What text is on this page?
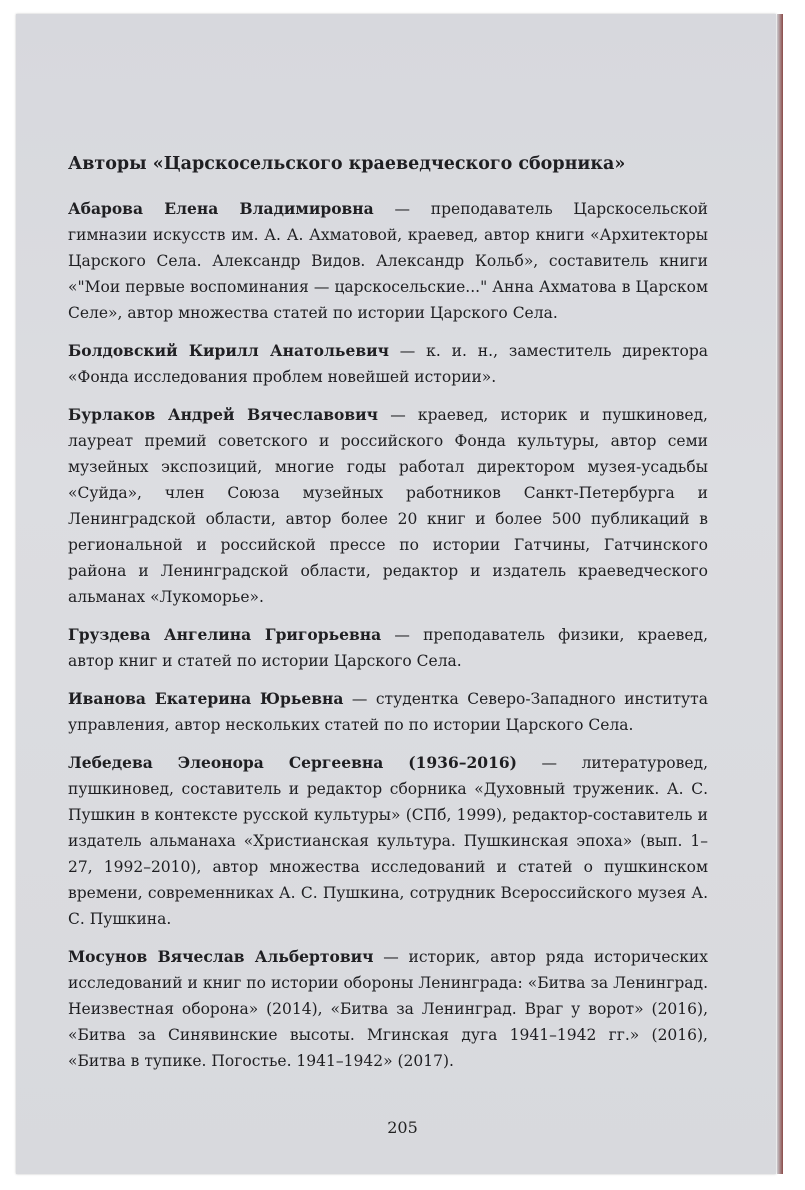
Авторы «Царскосельского краеведческого сборника»
Абарова Елена Владимировна — преподаватель Царскосельской гимназии искусств им. А. А. Ахматовой, краевед, автор книги «Архитекторы Царского Села. Александр Видов. Александр Кольб», составитель книги «"Мои первые воспоминания — царскосельские..." Анна Ахматова в Царском Селе», автор множества статей по истории Царского Села.
Болдовский Кирилл Анатольевич — к. и. н., заместитель директора «Фонда исследования проблем новейшей истории».
Бурлаков Андрей Вячеславович — краевед, историк и пушкиновед, лауреат премий советского и российского Фонда культуры, автор семи музейных экспозиций, многие годы работал директором музея-усадьбы «Суйда», член Союза музейных работников Санкт-Петербурга и Ленинградской области, автор более 20 книг и более 500 публикаций в региональной и российской прессе по истории Гатчины, Гатчинского района и Ленинградской области, редактор и издатель краеведческого альманах «Лукоморье».
Груздева Ангелина Григорьевна — преподаватель физики, краевед, автор книг и статей по истории Царского Села.
Иванова Екатерина Юрьевна — студентка Северо-Западного института управления, автор нескольких статей по по истории Царского Села.
Лебедева Элеонора Сергеевна (1936–2016) — литературовед, пушкиновед, составитель и редактор сборника «Духовный труженик. А. С. Пушкин в контексте русской культуры» (СПб, 1999), редактор-составитель и издатель альманаха «Христианская культура. Пушкинская эпоха» (вып. 1–27, 1992–2010), автор множества исследований и статей о пушкинском времени, современниках А. С. Пушкина, сотрудник Всероссийского музея А. С. Пушкина.
Мосунов Вячеслав Альбертович — историк, автор ряда исторических исследований и книг по истории обороны Ленинграда: «Битва за Ленинград. Неизвестная оборона» (2014), «Битва за Ленинград. Враг у ворот» (2016), «Битва за Синявинские высоты. Мгинская дуга 1941–1942 гг.» (2016), «Битва в тупике. Погостье. 1941–1942» (2017).
205
